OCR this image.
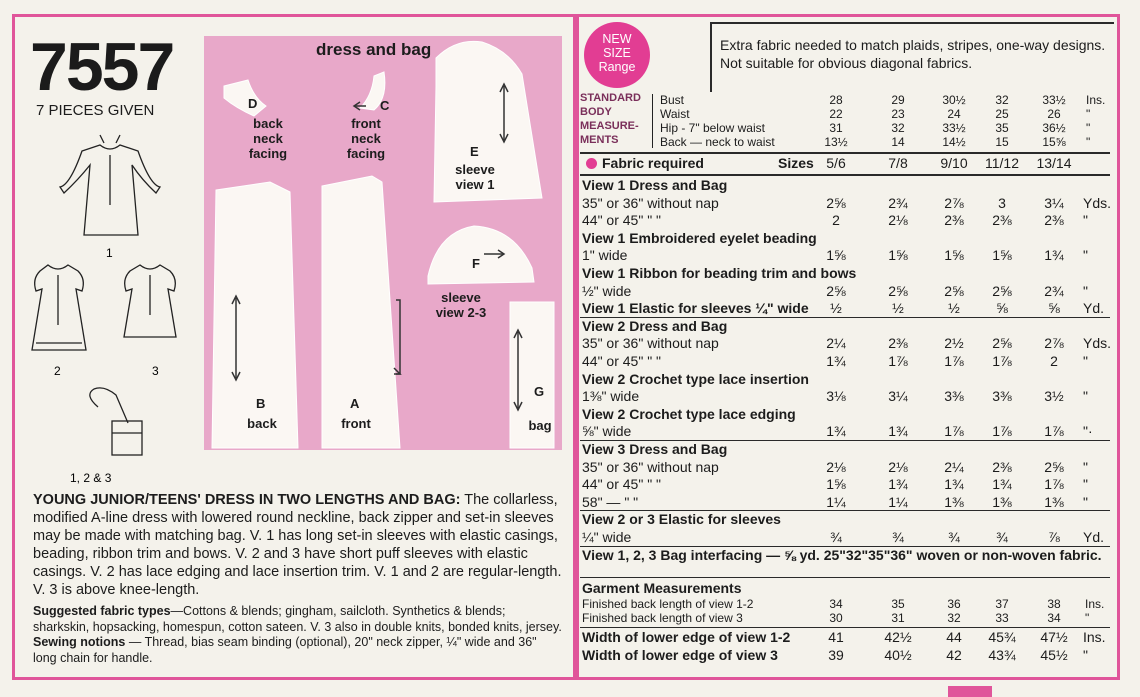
7557
7 PIECES GIVEN
1
2	3
1, 2 & 3
dress and bag
D
back
neck
facing
C
front
neck
facing	E
sleeve
view 1
F
sleeve
view 2-3
B
back
A
front
G
bag
YOUNG JUNIOR/TEENS' DRESS IN TWO LENGTHS AND BAG: The collarless, modified A-line dress with lowered round neckline, back zipper and set-in sleeves may be made with matching bag. V. 1 has long set-in sleeves with elastic casings, beading, ribbon trim and bows. V. 2 and 3 have short puff sleeves with elastic casings. V. 2 has lace edging and lace insertion trim. V. 1 and 2 are regular-length. V. 3 is above knee-length.
Suggested fabric types—Cottons & blends; gingham, sailcloth. Synthetics & blends; sharkskin, hopsacking, homespun, cotton sateen. V. 3 also in double knits, bonded knits, jersey.
Sewing notions — Thread, bias seam binding (optional), 20" neck zipper, ¼" wide and 36" long chain for handle.
NEW
SIZE
Range
Extra fabric needed to match plaids, stripes, one-way designs.
Not suitable for obvious diagonal fabrics.
STANDARD BODY MEASURE-MENTS
Bust	28	29	30½	32	33½	Ins.
Waist	22	23	24	25	26	"
Hip - 7" below waist	31	32	33½	35	36½	"
Back — neck to waist	13½	14	14½	15	15⅝	"
Fabric required	Sizes 5/6	7/8	9/10	11/12	13/14
View 1 Dress and Bag
35" or 36" without nap	2⅝	2¾	2⅞	3	3¼	Yds.
44" or 45" " "	2	2⅛	2⅜	2⅜	2⅜	"
View 1 Embroidered eyelet beading
1" wide	1⅝	1⅝	1⅝	1⅝	1¾	"
View 1 Ribbon for beading trim and bows
½" wide	2⅝	2⅝	2⅝	2⅝	2¾	"
View 1 Elastic for sleeves ¼" wide	½	½	½	⅝	⅝	Yd.
View 2 Dress and Bag
35" or 36" without nap	2¼	2⅜	2½	2⅝	2⅞	Yds.
44" or 45" " "	1¾	1⅞	1⅞	1⅞	2	"
View 2 Crochet type lace insertion
1⅜" wide	3⅛	3¼	3⅜	3⅜	3½	"
View 2 Crochet type lace edging
⅝" wide	1¾	1¾	1⅞	1⅞	1⅞	"·
View 3 Dress and Bag
35" or 36" without nap	2⅛	2⅛	2¼	2⅜	2⅝	"
44" or 45" " "	1⅝	1¾	1¾	1¾	1⅞	"
58" — " "	1¼	1¼	1⅜	1⅜	1⅜	"
View 2 or 3 Elastic for sleeves
¼" wide	¾	¾	¾	¾	⅞	Yd.
View 1, 2, 3 Bag interfacing — ⅝ yd. 25"32"35"36" woven or non-woven fabric.
Garment Measurements
Finished back length of view 1-2	34	35	36	37	38	Ins.
Finished back length of view 3	30	31	32	33	34	"
Width of lower edge of view 1-2	41	42½	44	45¾	47½	Ins.
Width of lower edge of view 3	39	40½	42	43¾	45½	"
